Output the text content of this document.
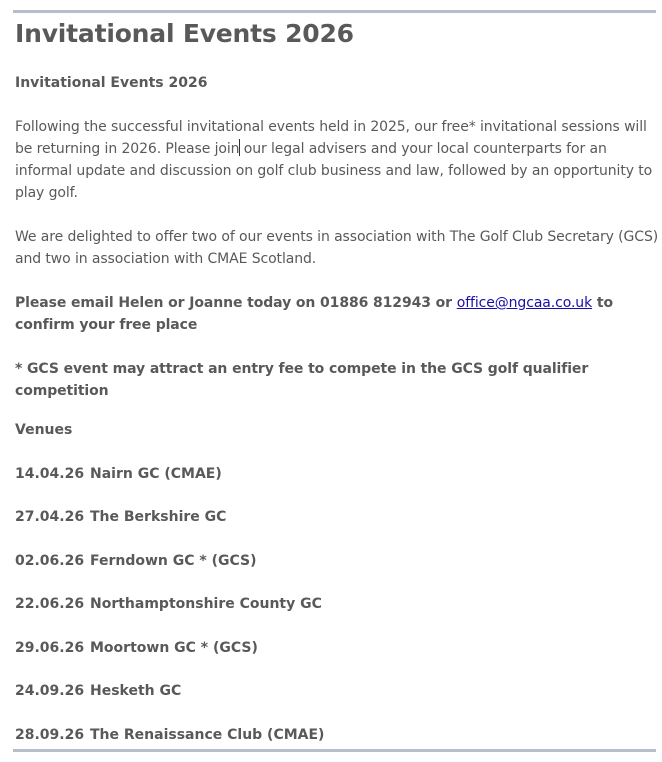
Invitational Events 2026

Invitational Events 2026

Following the successful invitational events held in 2025, our free* invitational sessions will be returning in 2026. Please join our legal advisers and your local counterparts for an informal update and discussion on golf club business and law, followed by an opportunity to play golf.

We are delighted to offer two of our events in association with The Golf Club Secretary (GCS) and two in association with CMAE Scotland.

Please email Helen or Joanne today on 01886 812943 or office@ngcaa.co.uk to confirm your free place

* GCS event may attract an entry fee to compete in the GCS golf qualifier competition

Venues

14.04.26 Nairn GC (CMAE)
27.04.26 The Berkshire GC
02.06.26 Ferndown GC * (GCS)
22.06.26 Northamptonshire County GC
29.06.26 Moortown GC * (GCS)
24.09.26 Hesketh GC
28.09.26 The Renaissance Club (CMAE)
